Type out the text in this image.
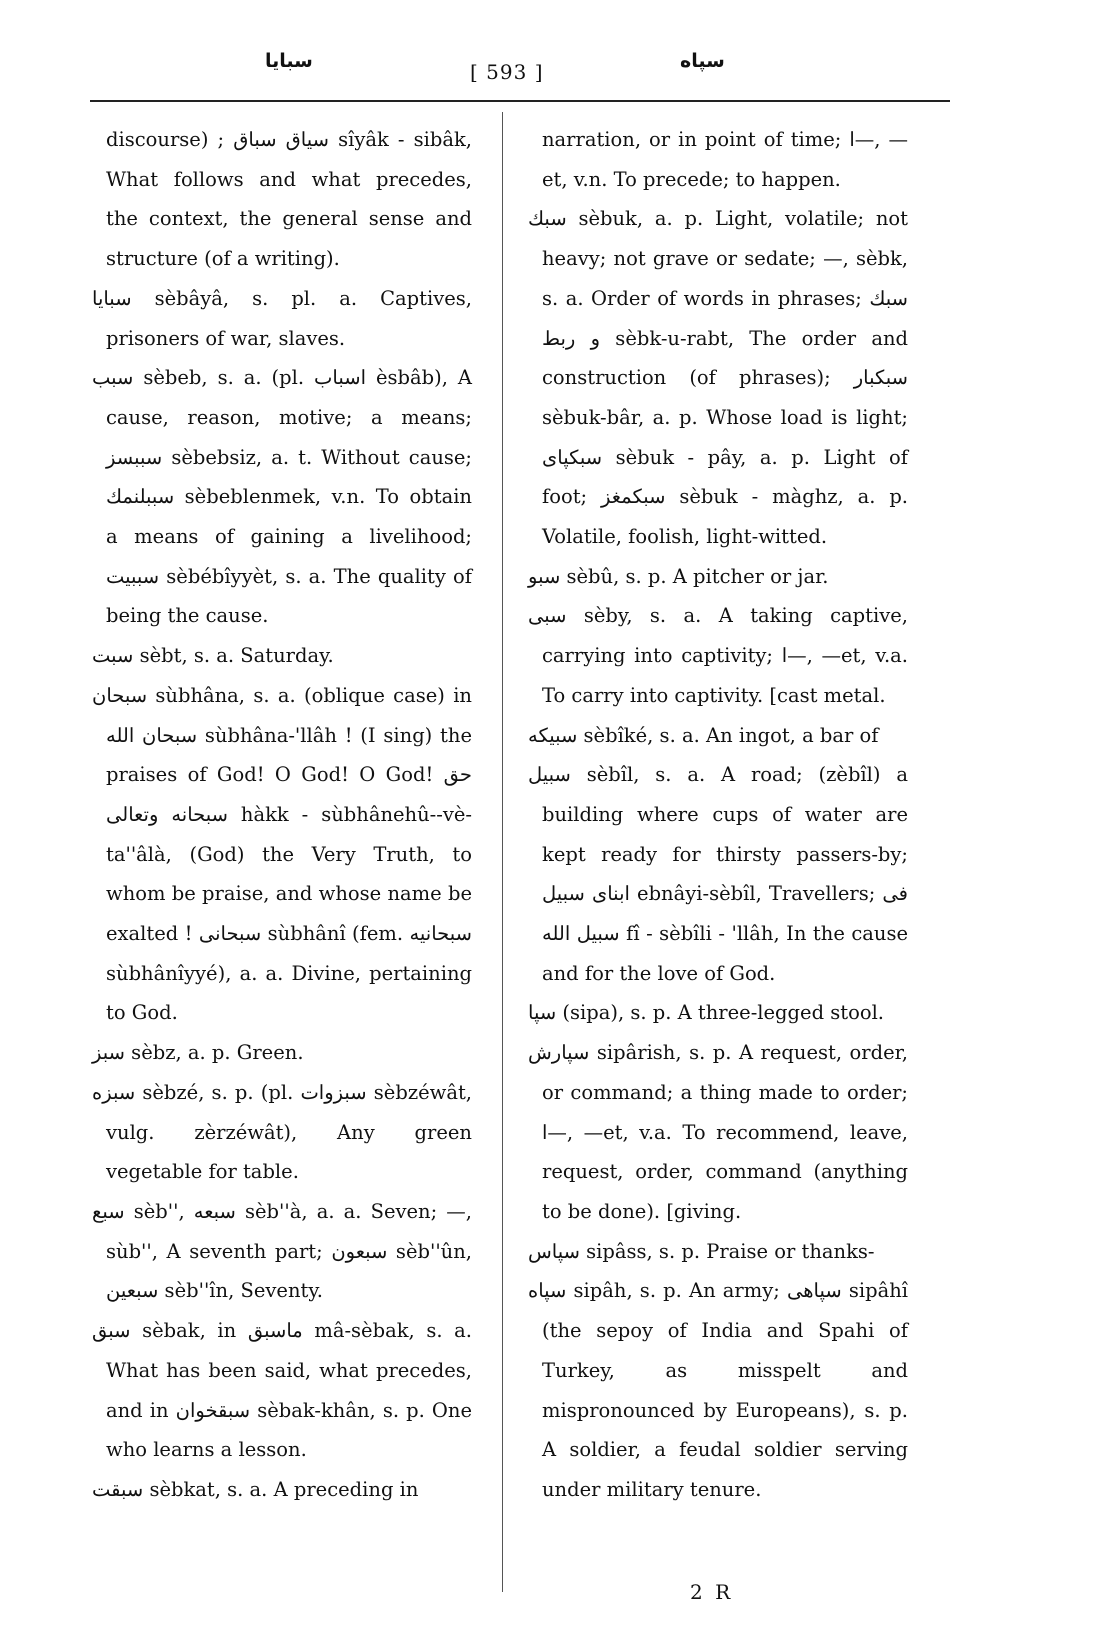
سبایا	[ 593 ]	سپاه

discourse) ; سیاق سباق sîyâk - sibâk, What follows and what precedes, the context, the general sense and structure (of a writing).

سبایا sèbâyâ, s. pl. a. Captives, prisoners of war, slaves.

سبب sèbeb, s. a. (pl. اسباب èsbâb), A cause, reason, motive; a means; سببسز sèbebsiz, a. t. Without cause; سببلنمك sèbeblenmek, v.n. To obtain a means of gaining a livelihood; سببیت sèbébîyyèt, s. a. The quality of being the cause.

سبت sèbt, s. a. Saturday.

سبحان sùbhâna, s. a. (oblique case) in سبحان الله sùbhâna-'llâh ! (I sing) the praises of God! O God! O God! حق سبحانه وتعالی hàkk - sùbhânehû--vè-ta''âlà, (God) the Very Truth, to whom be praise, and whose name be exalted ! سبحانی sùbhânî (fem. سبحانیه sùbhânîyyé), a. a. Divine, pertaining to God.

سبز sèbz, a. p. Green.

سبزه sèbzé, s. p. (pl. سبزوات sèbzéwât, vulg. zèrzéwât), Any green vegetable for table.

سبع sèb'', سبعه sèb''à, a. a. Seven; —, sùb'', A seventh part; سبعون sèb''ûn, سبعین sèb''în, Seventy.

سبق sèbak, in ماسبق mâ-sèbak, s. a. What has been said, what precedes, and in سبقخوان sèbak-khân, s. p. One who learns a lesson.

سبقت sèbkat, s. a. A preceding in

narration, or in point of time; ا—, —et, v.n. To precede; to happen.

سبك sèbuk, a. p. Light, volatile; not heavy; not grave or sedate; —, sèbk, s. a. Order of words in phrases; سبك و ربط sèbk-u-rabt, The order and construction (of phrases); سبکبار sèbuk-bâr, a. p. Whose load is light; سبکپای sèbuk - pây, a. p. Light of foot; سبکمغز sèbuk - màghz, a. p. Volatile, foolish, light-witted.

سبو sèbû, s. p. A pitcher or jar.

سبی sèby, s. a. A taking captive, carrying into captivity; ا—, —et, v.a. To carry into captivity. [cast metal.

سبیکه sèbîké, s. a. An ingot, a bar of

سبیل sèbîl, s. a. A road; (zèbîl) a building where cups of water are kept ready for thirsty passers-by; ابنای سبیل ebnâyi-sèbîl, Travellers; فی سبیل الله fî - sèbîli - 'llâh, In the cause and for the love of God.

سپا (sipa), s. p. A three-legged stool.

سپارش sipârish, s. p. A request, order, or command; a thing made to order; ا—, —et, v.a. To recommend, leave, request, order, command (anything to be done). [giving.

سپاس sipâss, s. p. Praise or thanks-

سپاه sipâh, s. p. An army; سپاهی sipâhî (the sepoy of India and Spahi of Turkey, as misspelt and mispronounced by Europeans), s. p. A soldier, a feudal soldier serving under military tenure.

2 R
